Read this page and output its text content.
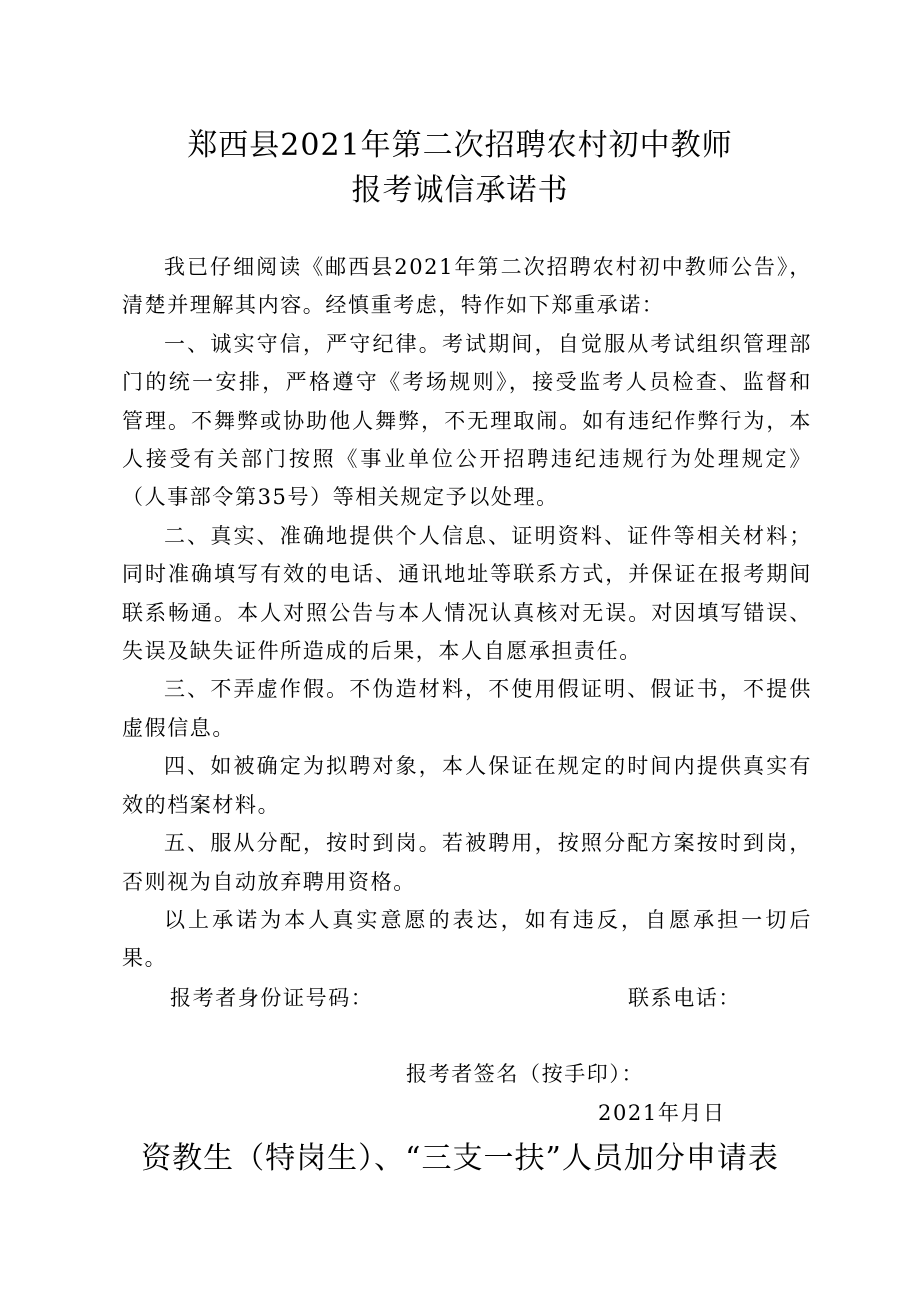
郑西县2021年第二次招聘农村初中教师
报考诚信承诺书

我已仔细阅读《邮西县2021年第二次招聘农村初中教师公告》，清楚并理解其内容。经慎重考虑，特作如下郑重承诺：

一、诚实守信，严守纪律。考试期间，自觉服从考试组织管理部门的统一安排，严格遵守《考场规则》，接受监考人员检查、监督和管理。不舞弊或协助他人舞弊，不无理取闹。如有违纪作弊行为，本人接受有关部门按照《事业单位公开招聘违纪违规行为处理规定》（人事部令第35号）等相关规定予以处理。

二、真实、准确地提供个人信息、证明资料、证件等相关材料；同时准确填写有效的电话、通讯地址等联系方式，并保证在报考期间联系畅通。本人对照公告与本人情况认真核对无误。对因填写错误、失误及缺失证件所造成的后果，本人自愿承担责任。

三、不弄虚作假。不伪造材料，不使用假证明、假证书，不提供虚假信息。

四、如被确定为拟聘对象，本人保证在规定的时间内提供真实有效的档案材料。

五、服从分配，按时到岗。若被聘用，按照分配方案按时到岗，否则视为自动放弃聘用资格。

以上承诺为本人真实意愿的表达，如有违反，自愿承担一切后果。

报考者身份证号码：	联系电话：
报考者签名（按手印）：
2021年月日
资教生（特岗生）、“三支一扶”人员加分申请表
